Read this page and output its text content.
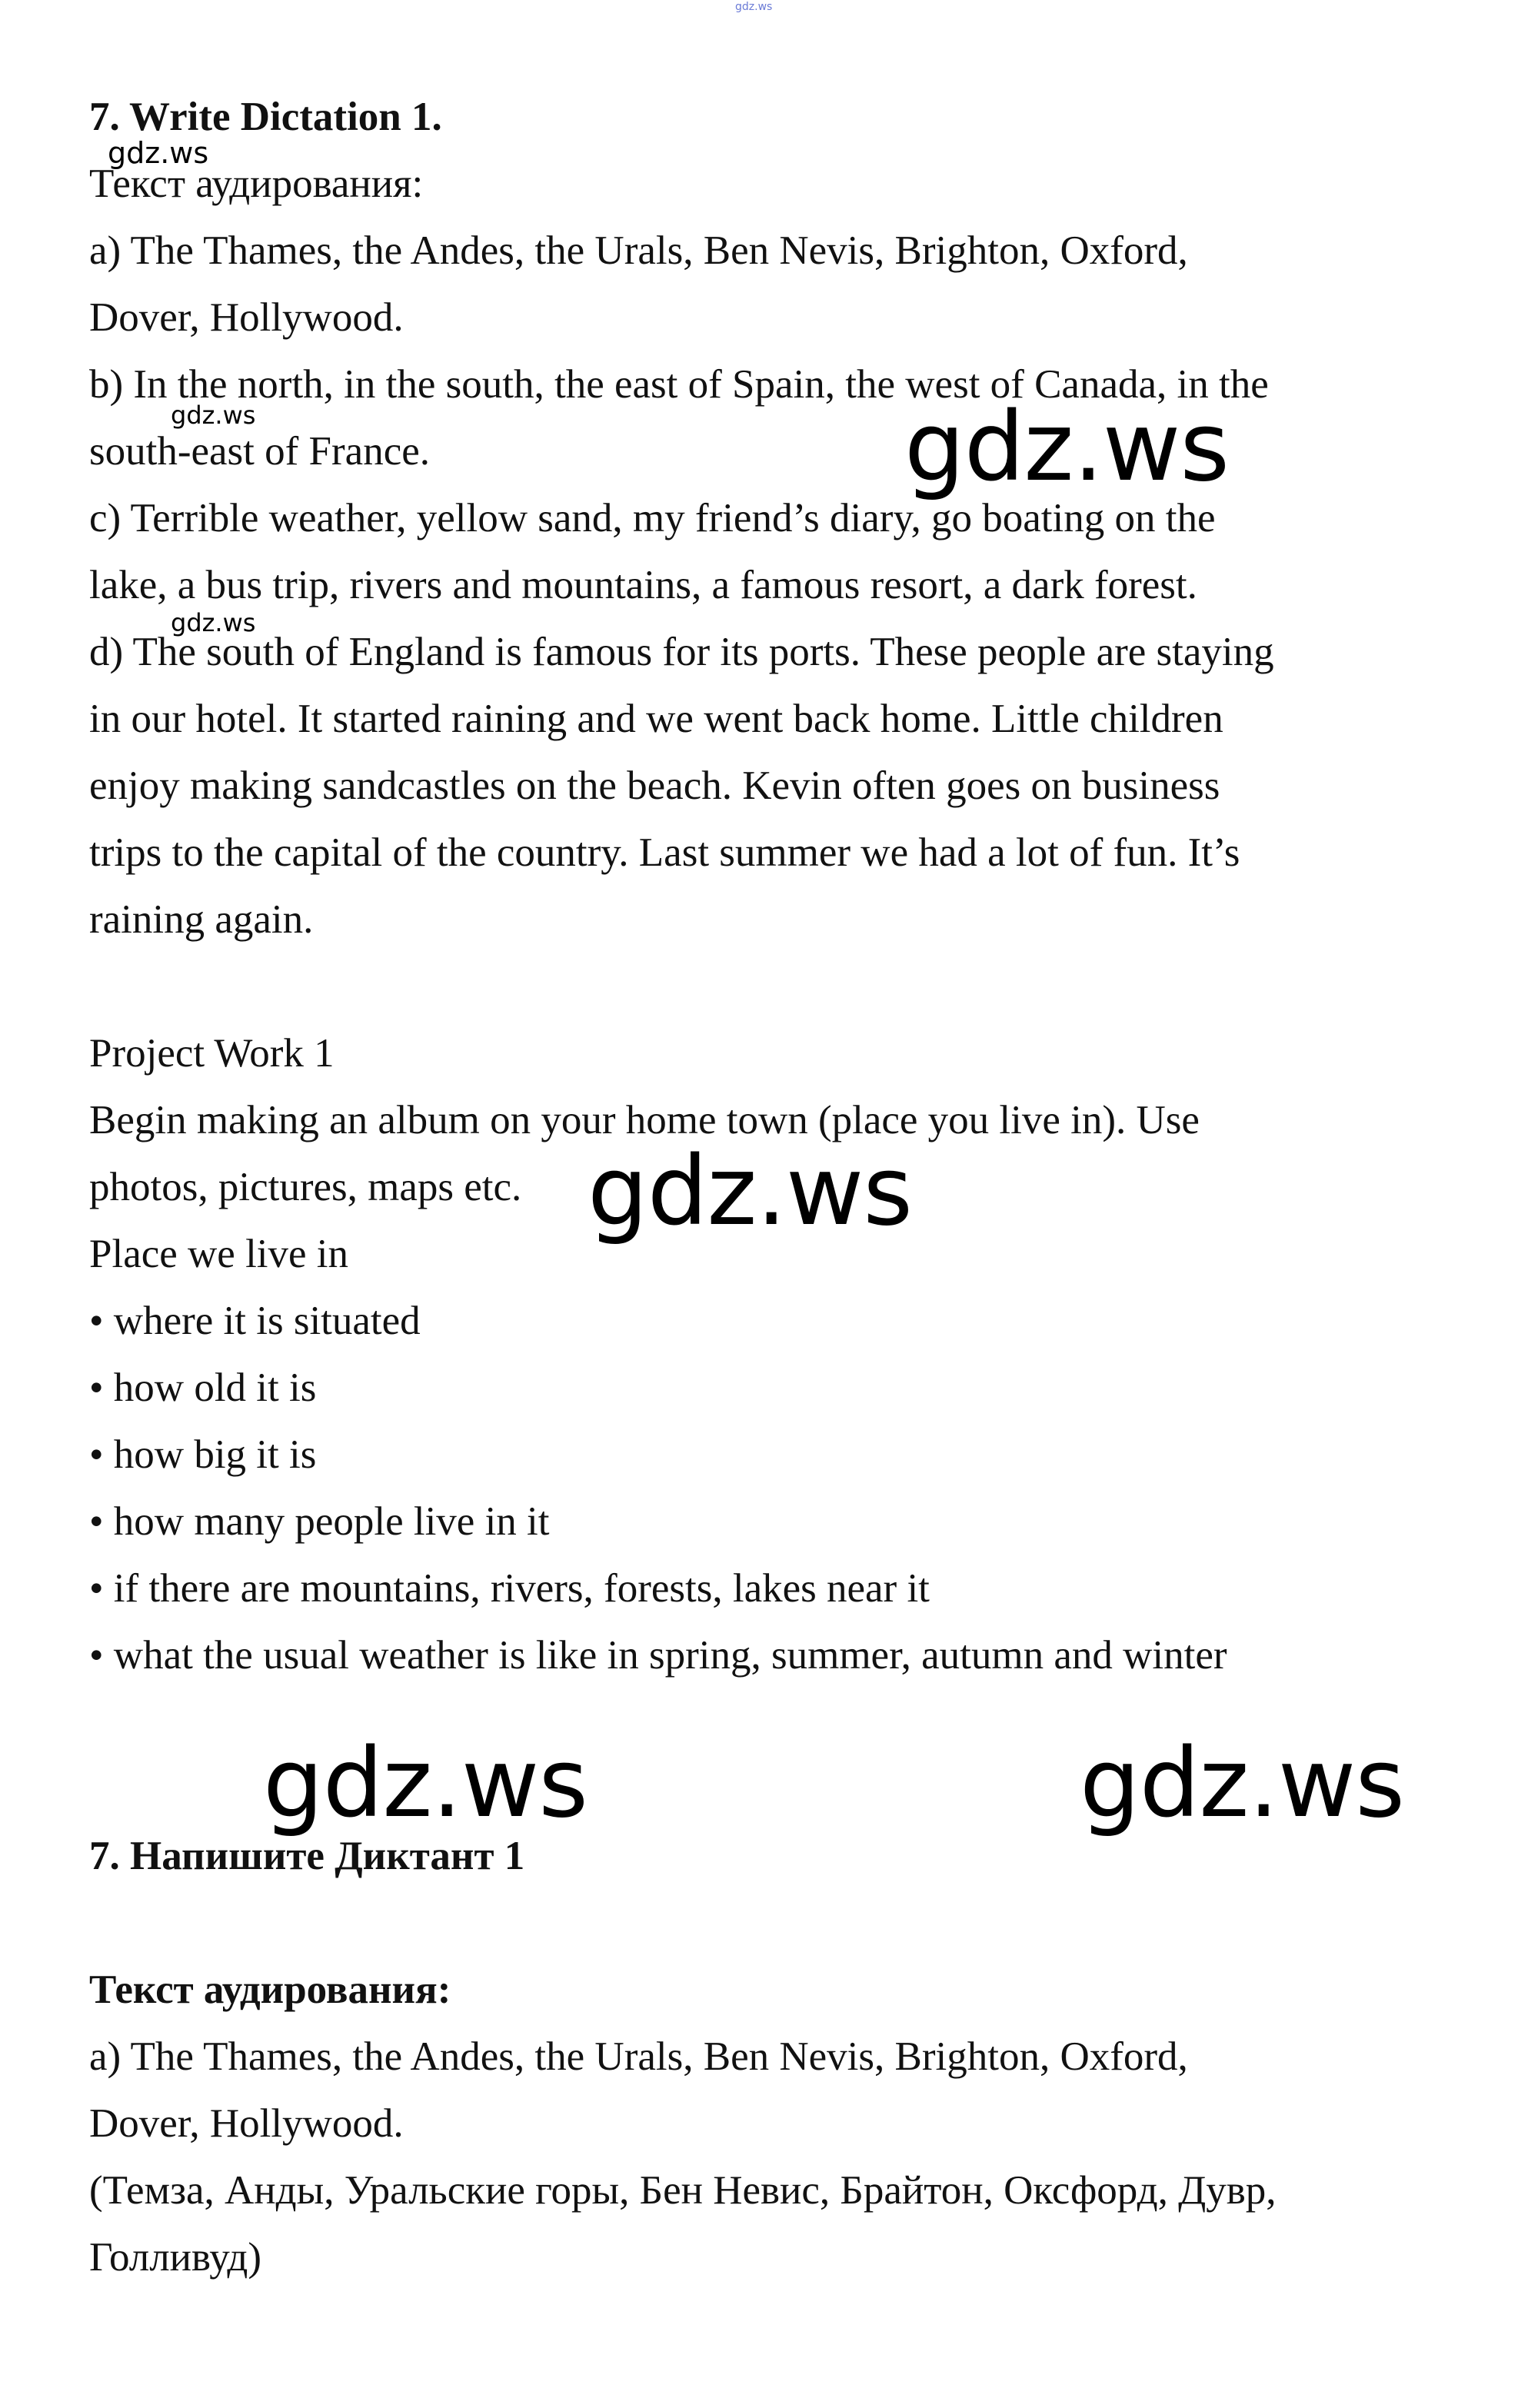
gdz.ws
7. Write Dictation 1.
Текст аудирования:
a) The Thames, the Andes, the Urals, Ben Nevis, Brighton, Oxford,
Dover, Hollywood.
b) In the north, in the south, the east of Spain, the west of Canada, in the
south-east of France.
c) Terrible weather, yellow sand, my friend’s diary, go boating on the
lake, a bus trip, rivers and mountains, a famous resort, a dark forest.
d) The south of England is famous for its ports. These people are staying
in our hotel. It started raining and we went back home. Little children
enjoy making sandcastles on the beach. Kevin often goes on business
trips to the capital of the country. Last summer we had a lot of fun. It’s
raining again.
Project Work 1
Begin making an album on your home town (place you live in). Use
photos, pictures, maps etc.
Place we live in
• where it is situated
• how old it is
• how big it is
• how many people live in it
• if there are mountains, rivers, forests, lakes near it
• what the usual weather is like in spring, summer, autumn and winter
7. Напишите Диктант 1
Текст аудирования:
a) The Thames, the Andes, the Urals, Ben Nevis, Brighton, Oxford,
Dover, Hollywood.
(Темза, Анды, Уральские горы, Бен Невис, Брайтон, Оксфорд, Дувр,
Голливуд)
gdz.ws
gdz.ws
gdz.ws
gdz.ws
gdz.ws
gdz.ws	gdz.ws
